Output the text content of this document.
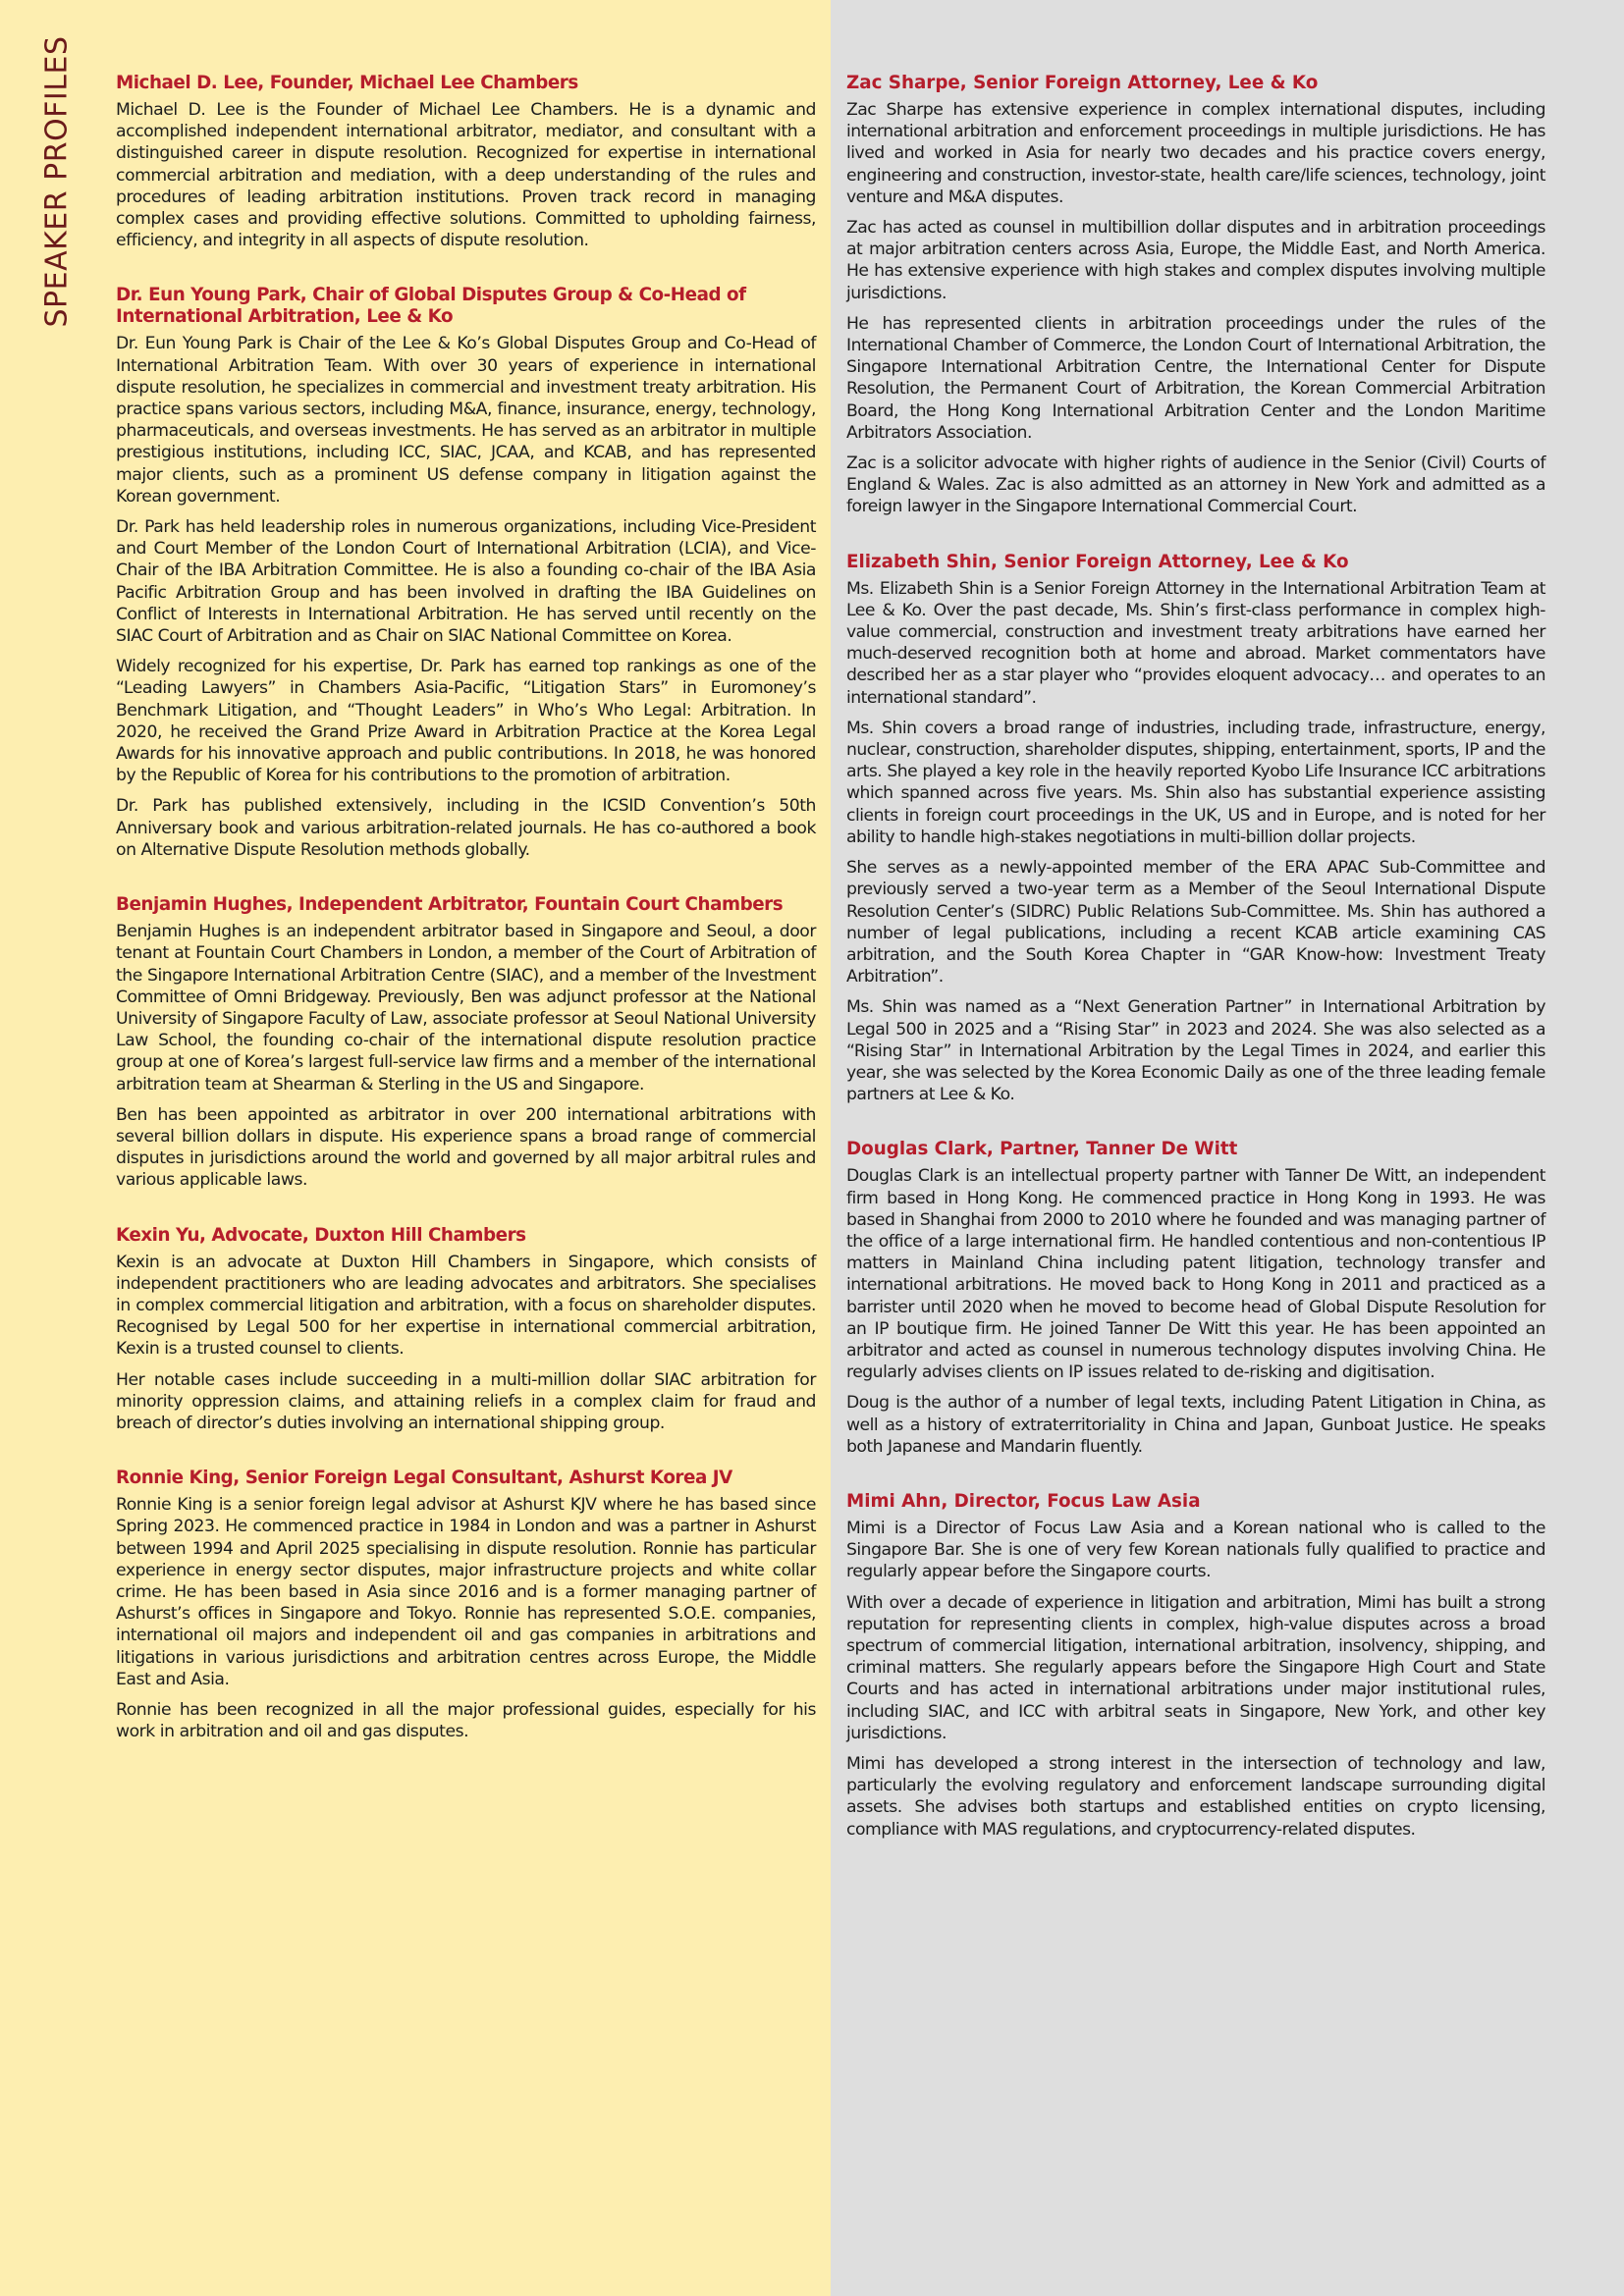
SPEAKER PROFILES Michael D. Lee, Founder, Michael Lee Chambers

Michael D. Lee is the Founder of Michael Lee Chambers. He is a dynamic and accomplished independent international arbitrator, mediator, and consultant with a distinguished career in dispute resolution. Recognized for expertise in international commercial arbitration and mediation, with a deep understanding of the rules and procedures of leading arbitration institutions. Proven track record in managing complex cases and providing effective solutions. Committed to upholding fairness, efficiency, and integrity in all aspects of dispute resolution.

Dr. Eun Young Park, Chair of Global Disputes Group & Co-Head of International Arbitration, Lee & Ko

Dr. Eun Young Park is Chair of the Lee & Ko’s Global Disputes Group and Co-Head of International Arbitration Team. With over 30 years of experience in international dispute resolution, he specializes in commercial and investment treaty arbitration. His practice spans various sectors, including M&A, finance, insurance, energy, technology, pharmaceuticals, and overseas investments. He has served as an arbitrator in multiple prestigious institutions, including ICC, SIAC, JCAA, and KCAB, and has represented major clients, such as a prominent US defense company in litigation against the Korean government.

Dr. Park has held leadership roles in numerous organizations, including Vice-President and Court Member of the London Court of International Arbitration (LCIA), and Vice-Chair of the IBA Arbitration Committee. He is also a founding co-chair of the IBA Asia Pacific Arbitration Group and has been involved in drafting the IBA Guidelines on Conflict of Interests in International Arbitration. He has served until recently on the SIAC Court of Arbitration and as Chair on SIAC National Committee on Korea.

Widely recognized for his expertise, Dr. Park has earned top rankings as one of the “Leading Lawyers” in Chambers Asia-Pacific, “Litigation Stars” in Euromoney’s Benchmark Litigation, and “Thought Leaders” in Who’s Who Legal: Arbitration. In 2020, he received the Grand Prize Award in Arbitration Practice at the Korea Legal Awards for his innovative approach and public contributions. In 2018, he was honored by the Republic of Korea for his contributions to the promotion of arbitration.

Dr. Park has published extensively, including in the ICSID Convention’s 50th Anniversary book and various arbitration-related journals. He has co-authored a book on Alternative Dispute Resolution methods globally.

Benjamin Hughes, Independent Arbitrator, Fountain Court Chambers

Benjamin Hughes is an independent arbitrator based in Singapore and Seoul, a door tenant at Fountain Court Chambers in London, a member of the Court of Arbitration of the Singapore International Arbitration Centre (SIAC), and a member of the Investment Committee of Omni Bridgeway. Previously, Ben was adjunct professor at the National University of Singapore Faculty of Law, associate professor at Seoul National University Law School, the founding co-chair of the international dispute resolution practice group at one of Korea’s largest full-service law firms and a member of the international arbitration team at Shearman & Sterling in the US and Singapore.

Ben has been appointed as arbitrator in over 200 international arbitrations with several billion dollars in dispute. His experience spans a broad range of commercial disputes in jurisdictions around the world and governed by all major arbitral rules and various applicable laws.

Kexin Yu, Advocate, Duxton Hill Chambers

Kexin is an advocate at Duxton Hill Chambers in Singapore, which consists of independent practitioners who are leading advocates and arbitrators. She specialises in complex commercial litigation and arbitration, with a focus on shareholder disputes. Recognised by Legal 500 for her expertise in international commercial arbitration, Kexin is a trusted counsel to clients.

Her notable cases include succeeding in a multi-million dollar SIAC arbitration for minority oppression claims, and attaining reliefs in a complex claim for fraud and breach of director’s duties involving an international shipping group.

Ronnie King, Senior Foreign Legal Consultant, Ashurst Korea JV

Ronnie King is a senior foreign legal advisor at Ashurst KJV where he has based since Spring 2023. He commenced practice in 1984 in London and was a partner in Ashurst between 1994 and April 2025 specialising in dispute resolution. Ronnie has particular experience in energy sector disputes, major infrastructure projects and white collar crime. He has been based in Asia since 2016 and is a former managing partner of Ashurst’s offices in Singapore and Tokyo. Ronnie has represented S.O.E. companies, international oil majors and independent oil and gas companies in arbitrations and litigations in various jurisdictions and arbitration centres across Europe, the Middle East and Asia.

Ronnie has been recognized in all the major professional guides, especially for his work in arbitration and oil and gas disputes.

Zac Sharpe, Senior Foreign Attorney, Lee & Ko

Zac Sharpe has extensive experience in complex international disputes, including international arbitration and enforcement proceedings in multiple jurisdictions. He has lived and worked in Asia for nearly two decades and his practice covers energy, engineering and construction, investor-state, health care/life sciences, technology, joint venture and M&A disputes.

Zac has acted as counsel in multibillion dollar disputes and in arbitration proceedings at major arbitration centers across Asia, Europe, the Middle East, and North America. He has extensive experience with high stakes and complex disputes involving multiple jurisdictions.

He has represented clients in arbitration proceedings under the rules of the International Chamber of Commerce, the London Court of International Arbitration, the Singapore International Arbitration Centre, the International Center for Dispute Resolution, the Permanent Court of Arbitration, the Korean Commercial Arbitration Board, the Hong Kong International Arbitration Center and the London Maritime Arbitrators Association.

Zac is a solicitor advocate with higher rights of audience in the Senior (Civil) Courts of England & Wales. Zac is also admitted as an attorney in New York and admitted as a foreign lawyer in the Singapore International Commercial Court.

Elizabeth Shin, Senior Foreign Attorney, Lee & Ko

Ms. Elizabeth Shin is a Senior Foreign Attorney in the International Arbitration Team at Lee & Ko. Over the past decade, Ms. Shin’s first-class performance in complex high-value commercial, construction and investment treaty arbitrations have earned her much-deserved recognition both at home and abroad. Market commentators have described her as a star player who “provides eloquent advocacy… and operates to an international standard”.

Ms. Shin covers a broad range of industries, including trade, infrastructure, energy, nuclear, construction, shareholder disputes, shipping, entertainment, sports, IP and the arts. She played a key role in the heavily reported Kyobo Life Insurance ICC arbitrations which spanned across five years. Ms. Shin also has substantial experience assisting clients in foreign court proceedings in the UK, US and in Europe, and is noted for her ability to handle high-stakes negotiations in multi-billion dollar projects.

She serves as a newly-appointed member of the ERA APAC Sub-Committee and previously served a two-year term as a Member of the Seoul International Dispute Resolution Center’s (SIDRC) Public Relations Sub-Committee. Ms. Shin has authored a number of legal publications, including a recent KCAB article examining CAS arbitration, and the South Korea Chapter in “GAR Know-how: Investment Treaty Arbitration”.

Ms. Shin was named as a “Next Generation Partner” in International Arbitration by Legal 500 in 2025 and a “Rising Star” in 2023 and 2024. She was also selected as a “Rising Star” in International Arbitration by the Legal Times in 2024, and earlier this year, she was selected by the Korea Economic Daily as one of the three leading female partners at Lee & Ko.

Douglas Clark, Partner, Tanner De Witt

Douglas Clark is an intellectual property partner with Tanner De Witt, an independent firm based in Hong Kong. He commenced practice in Hong Kong in 1993. He was based in Shanghai from 2000 to 2010 where he founded and was managing partner of the office of a large international firm. He handled contentious and non-contentious IP matters in Mainland China including patent litigation, technology transfer and international arbitrations. He moved back to Hong Kong in 2011 and practiced as a barrister until 2020 when he moved to become head of Global Dispute Resolution for an IP boutique firm. He joined Tanner De Witt this year. He has been appointed an arbitrator and acted as counsel in numerous technology disputes involving China. He regularly advises clients on IP issues related to de-risking and digitisation.

Doug is the author of a number of legal texts, including Patent Litigation in China, as well as a history of extraterritoriality in China and Japan, Gunboat Justice. He speaks both Japanese and Mandarin fluently.

Mimi Ahn, Director, Focus Law Asia

Mimi is a Director of Focus Law Asia and a Korean national who is called to the Singapore Bar. She is one of very few Korean nationals fully qualified to practice and regularly appear before the Singapore courts.

With over a decade of experience in litigation and arbitration, Mimi has built a strong reputation for representing clients in complex, high-value disputes across a broad spectrum of commercial litigation, international arbitration, insolvency, shipping, and criminal matters. She regularly appears before the Singapore High Court and State Courts and has acted in international arbitrations under major institutional rules, including SIAC, and ICC with arbitral seats in Singapore, New York, and other key jurisdictions.

Mimi has developed a strong interest in the intersection of technology and law, particularly the evolving regulatory and enforcement landscape surrounding digital assets. She advises both startups and established entities on crypto licensing, compliance with MAS regulations, and cryptocurrency-related disputes.
